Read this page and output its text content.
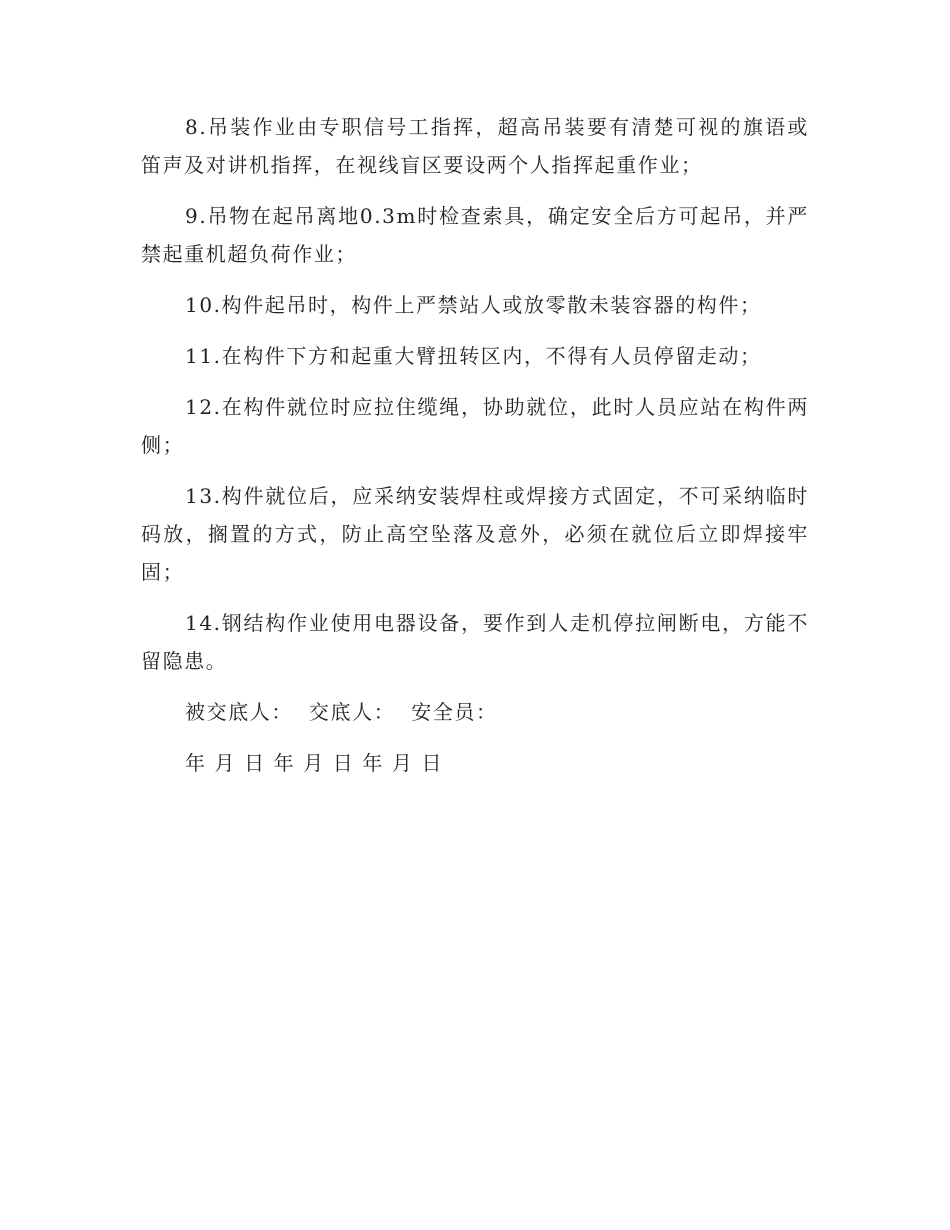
8.吊装作业由专职信号工指挥，超高吊装要有清楚可视的旗语或笛声及对讲机指挥，在视线盲区要设两个人指挥起重作业；

9.吊物在起吊离地0.3m时检查索具，确定安全后方可起吊，并严禁起重机超负荷作业；

10.构件起吊时，构件上严禁站人或放零散未装容器的构件；

11.在构件下方和起重大臂扭转区内，不得有人员停留走动；

12.在构件就位时应拉住缆绳，协助就位，此时人员应站在构件两侧；

13.构件就位后，应采纳安装焊柱或焊接方式固定，不可采纳临时码放，搁置的方式，防止高空坠落及意外，必须在就位后立即焊接牢固；

14.钢结构作业使用电器设备，要作到人走机停拉闸断电，方能不留隐患。

被交底人：  交底人：  安全员：

年 月 日 年 月 日 年 月 日
